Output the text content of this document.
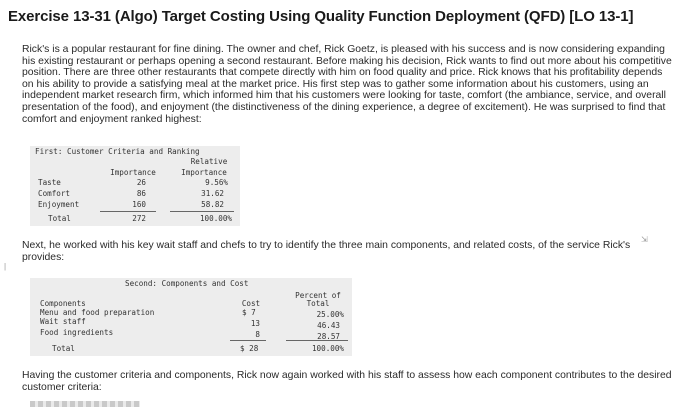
Exercise 13-31 (Algo) Target Costing Using Quality Function Deployment (QFD) [LO 13-1]
Rick's is a popular restaurant for fine dining. The owner and chef, Rick Goetz, is pleased with his success and is now considering expanding his existing restaurant or perhaps opening a second restaurant. Before making his decision, Rick wants to find out more about his competitive position. There are three other restaurants that compete directly with him on food quality and price. Rick knows that his profitability depends on his ability to provide a satisfying meal at the market price. His first step was to gather some information about his customers, using an independent market research firm, which informed him that his customers were looking for taste, comfort (the ambiance, service, and overall presentation of the food), and enjoyment (the distinctiveness of the dining experience, a degree of excitement). He was surprised to find that comfort and enjoyment ranked highest:
First: Customer Criteria and Ranking
Relative
Importance	Importance
Taste	26	9.56%
Comfort	86	31.62
Enjoyment	160	58.82
Total	272	100.00%
Next, he worked with his key wait staff and chefs to try to identify the three main components, and related costs, of the service Rick's provides:
Second: Components and Cost
Percent of
Components	Cost	Total
Menu and food preparation	$ 7	25.00%
Wait staff	13	46.43
Food ingredients	8	28.57
Total	$ 28	100.00%
Having the customer criteria and components, Rick now again worked with his staff to assess how each component contributes to the desired customer criteria:
⇲
|
